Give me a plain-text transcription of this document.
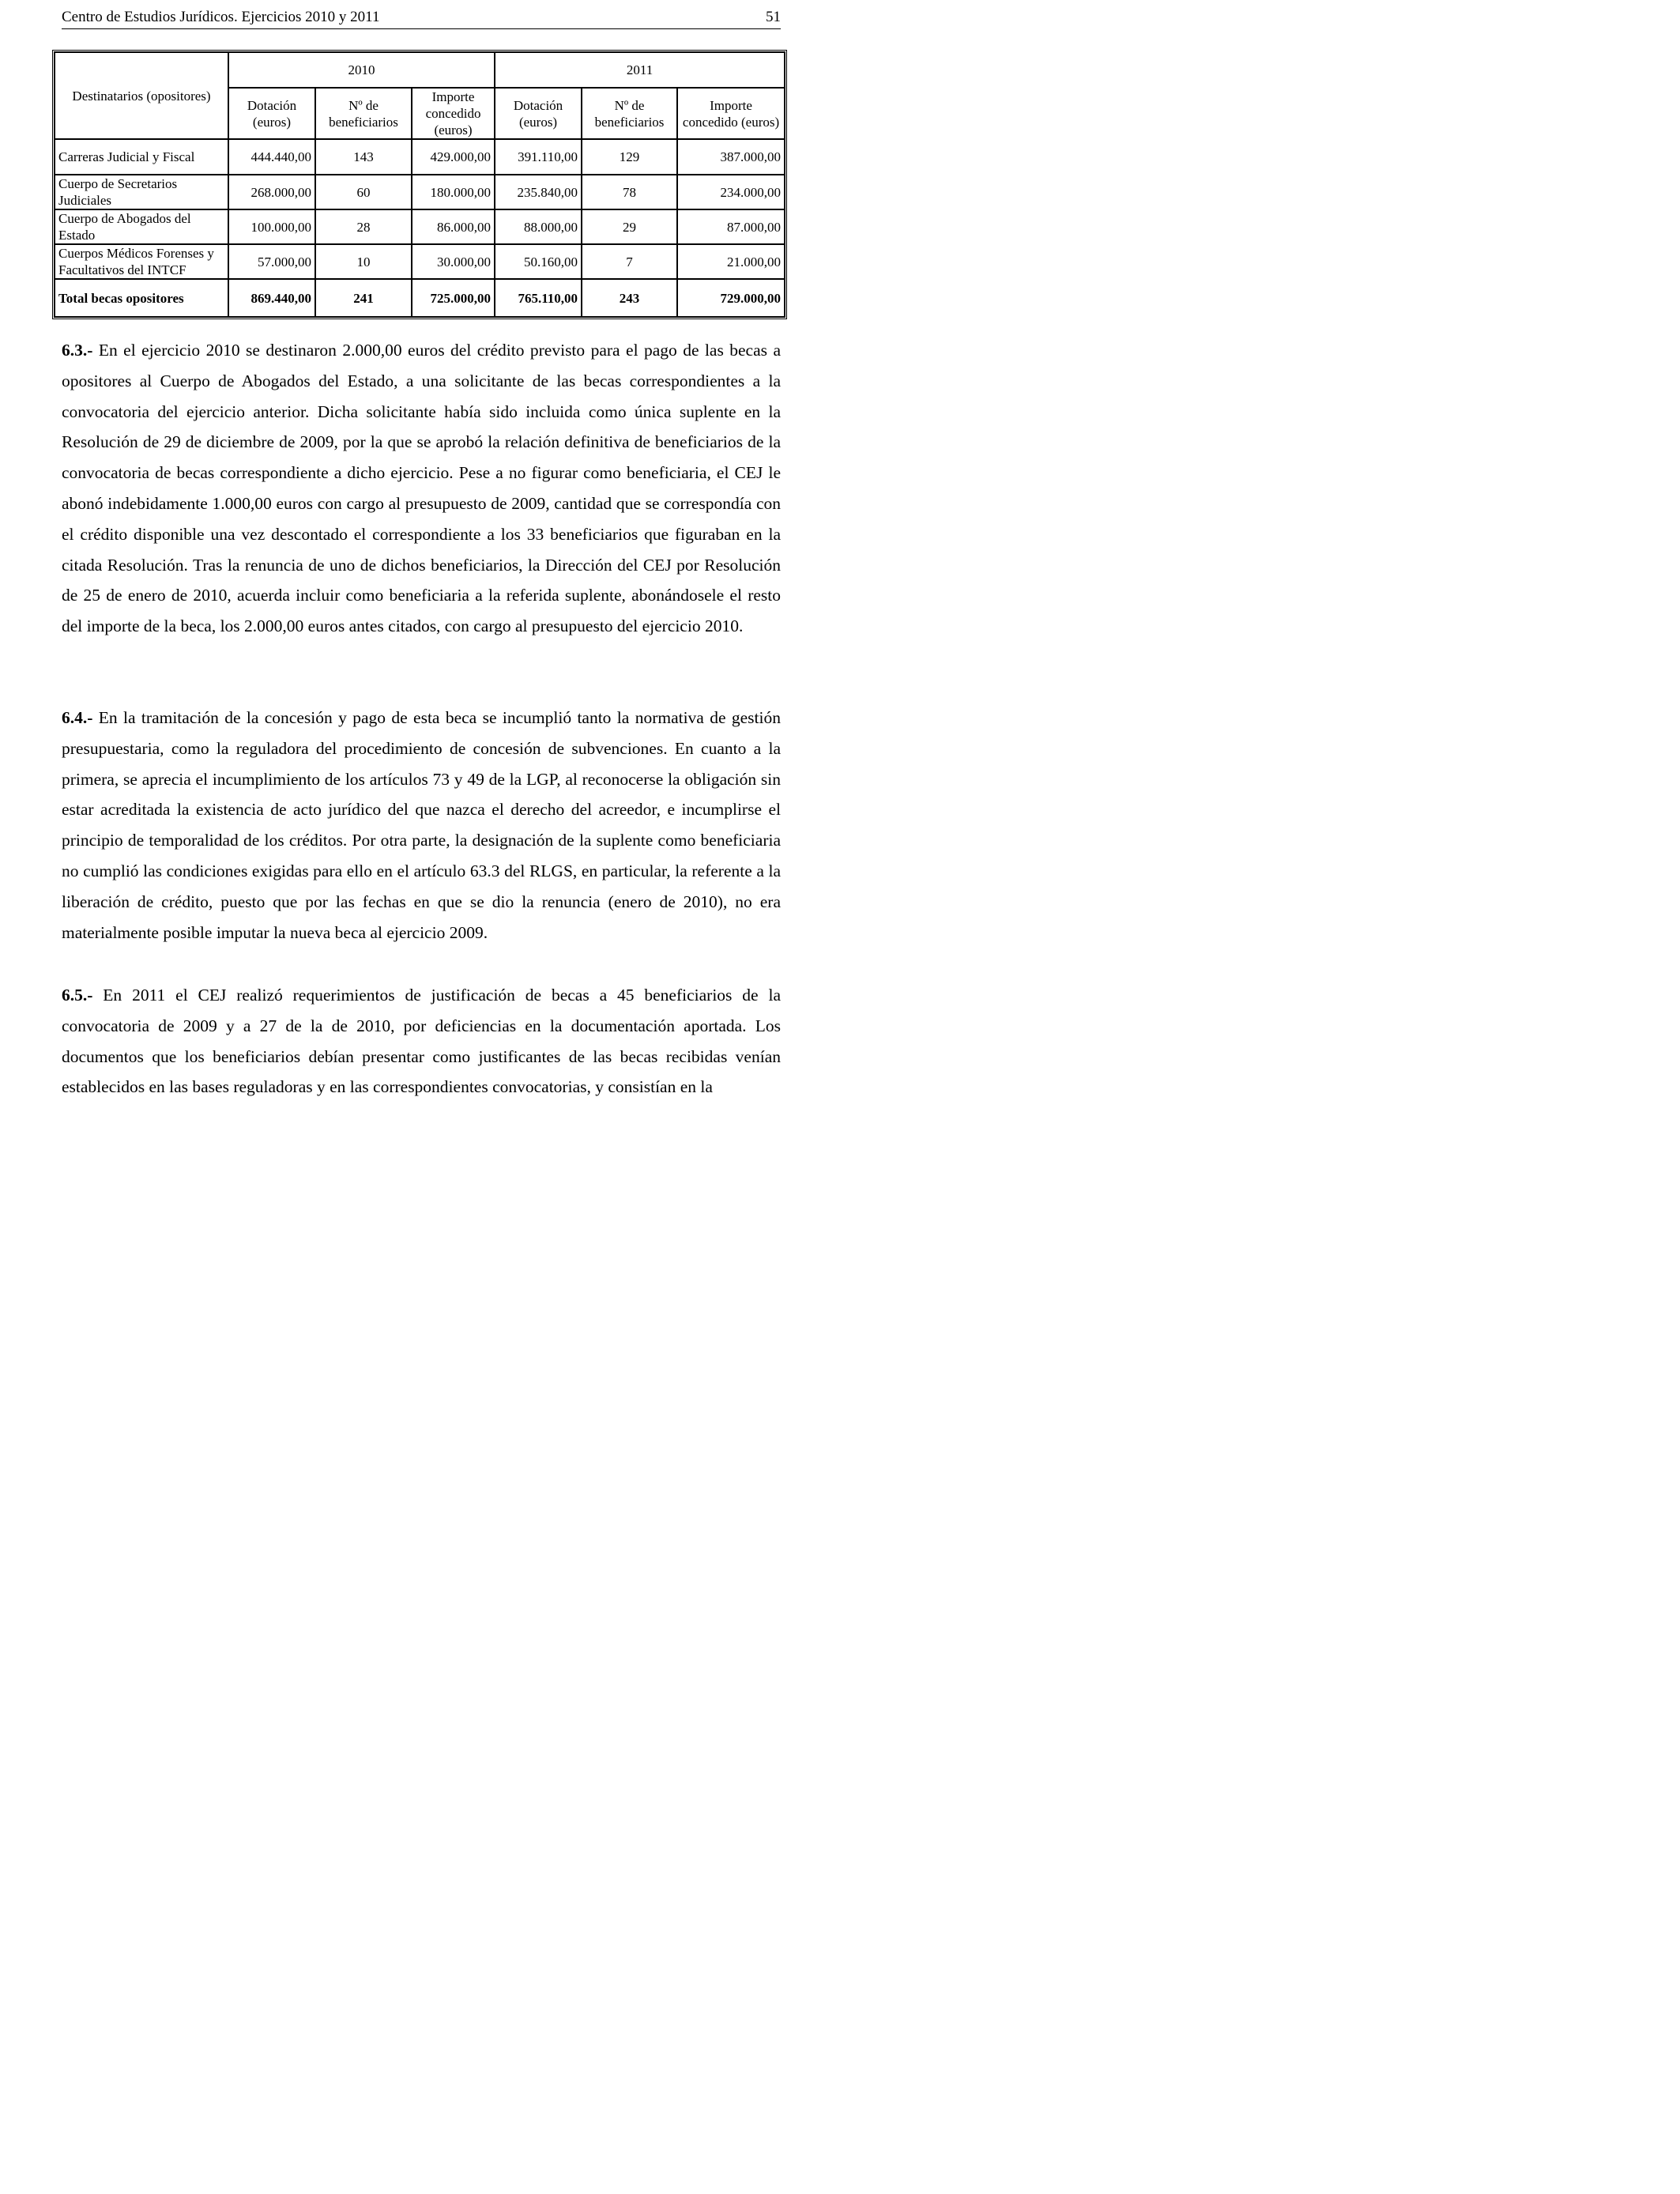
Centro de Estudios Jurídicos. Ejercicios 2010 y 2011	51
Destinatarios (opositores)	2010			2011		
	Dotación (euros)	Nº de beneficiarios	Importe concedido (euros)	Dotación (euros)	Nº de beneficiarios	Importe concedido (euros)
Carreras Judicial y Fiscal	444.440,00	143	429.000,00	391.110,00	129	387.000,00
Cuerpo de Secretarios Judiciales	268.000,00	60	180.000,00	235.840,00	78	234.000,00
Cuerpo de Abogados del Estado	100.000,00	28	86.000,00	88.000,00	29	87.000,00
Cuerpos Médicos Forenses y Facultativos del INTCF	57.000,00	10	30.000,00	50.160,00	7	21.000,00
Total becas opositores	869.440,00	241	725.000,00	765.110,00	243	729.000,00

6.3.- En el ejercicio 2010 se destinaron 2.000,00 euros del crédito previsto para el pago de las becas a opositores al Cuerpo de Abogados del Estado, a una solicitante de las becas correspondientes a la convocatoria del ejercicio anterior. Dicha solicitante había sido incluida como única suplente en la Resolución de 29 de diciembre de 2009, por la que se aprobó la relación definitiva de beneficiarios de la convocatoria de becas correspondiente a dicho ejercicio. Pese a no figurar como beneficiaria, el CEJ le abonó indebidamente 1.000,00 euros con cargo al presupuesto de 2009, cantidad que se correspondía con el crédito disponible una vez descontado el correspondiente a los 33 beneficiarios que figuraban en la citada Resolución. Tras la renuncia de uno de dichos beneficiarios, la Dirección del CEJ por Resolución de 25 de enero de 2010, acuerda incluir como beneficiaria a la referida suplente, abonándosele el resto del importe de la beca, los 2.000,00 euros antes citados, con cargo al presupuesto del ejercicio 2010.

6.4.- En la tramitación de la concesión y pago de esta beca se incumplió tanto la normativa de gestión presupuestaria, como la reguladora del procedimiento de concesión de subvenciones. En cuanto a la primera, se aprecia el incumplimiento de los artículos 73 y 49 de la LGP, al reconocerse la obligación sin estar acreditada la existencia de acto jurídico del que nazca el derecho del acreedor, e incumplirse el principio de temporalidad de los créditos. Por otra parte, la designación de la suplente como beneficiaria no cumplió las condiciones exigidas para ello en el artículo 63.3 del RLGS, en particular, la referente a la liberación de crédito, puesto que por las fechas en que se dio la renuncia (enero de 2010), no era materialmente posible imputar la nueva beca al ejercicio 2009.

6.5.- En 2011 el CEJ realizó requerimientos de justificación de becas a 45 beneficiarios de la convocatoria de 2009 y a 27 de la de 2010, por deficiencias en la documentación aportada. Los documentos que los beneficiarios debían presentar como justificantes de las becas recibidas venían establecidos en las bases reguladoras y en las correspondientes convocatorias, y consistían en la
